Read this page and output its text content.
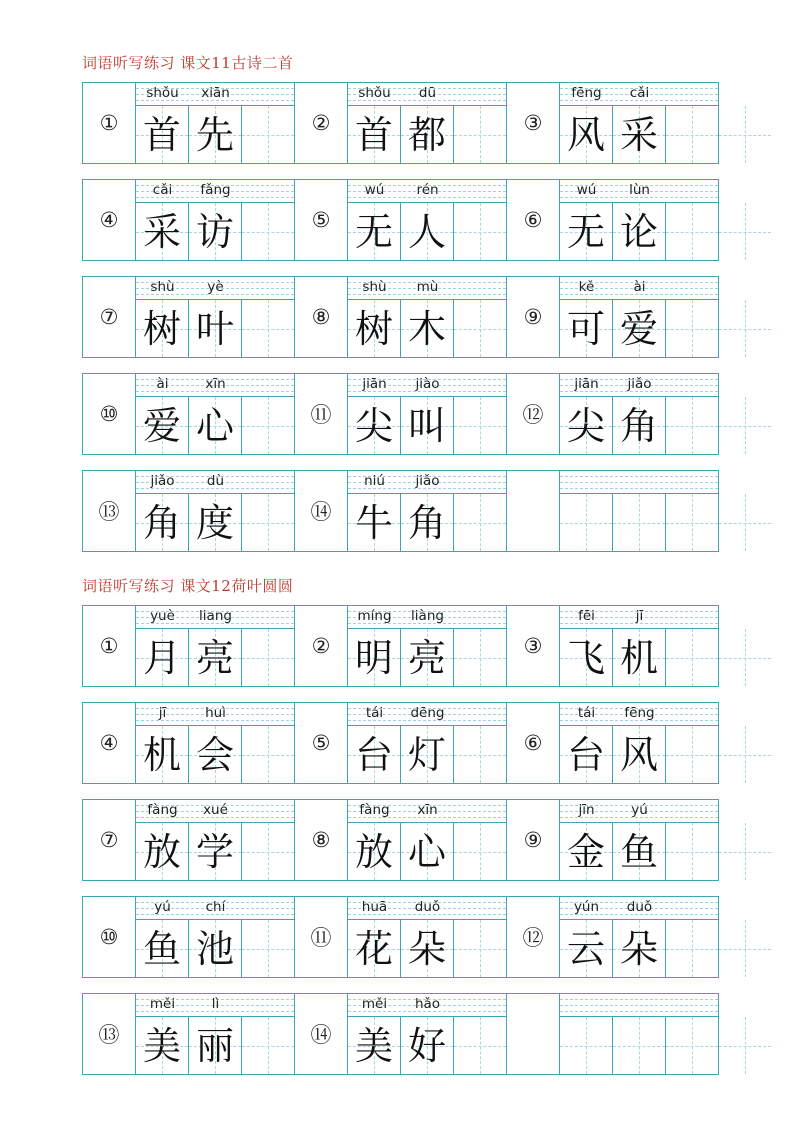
词语听写练习 课文11古诗二首
①
shǒu	xiān
首 先	②
shǒu	dū
首 都	③
fēng	cǎi
风 采
④
cǎi	fǎng
采 访	⑤
wú	rén
无 人	⑥
wú	lùn
无 论
⑦
shù	yè
树 叶	⑧
shù	mù
树 木	⑨
kě	ài
可 爱
⑩
ài	xīn
爱 心	⑪
jiān	jiào
尖 叫	⑫
jiān	jiǎo
尖 角
⑬
jiǎo	dù
角 度	⑭
niú	jiǎo
牛 角
词语听写练习 课文12荷叶圆圆
①
yuè	liang
月 亮	②
míng	liàng
明 亮	③
fēi	jī
飞 机
④
jī	huì
机 会	⑤
tái	dēng
台 灯	⑥
tái	fēng
台 风
⑦
fàng	xué
放 学	⑧
fàng	xīn
放 心	⑨
jīn	yú
金 鱼
⑩
yú	chí
鱼 池	⑪
huā	duǒ
花 朵	⑫
yún	duǒ
云 朵
⑬
měi	lì
美 丽	⑭
měi	hǎo
美 好
